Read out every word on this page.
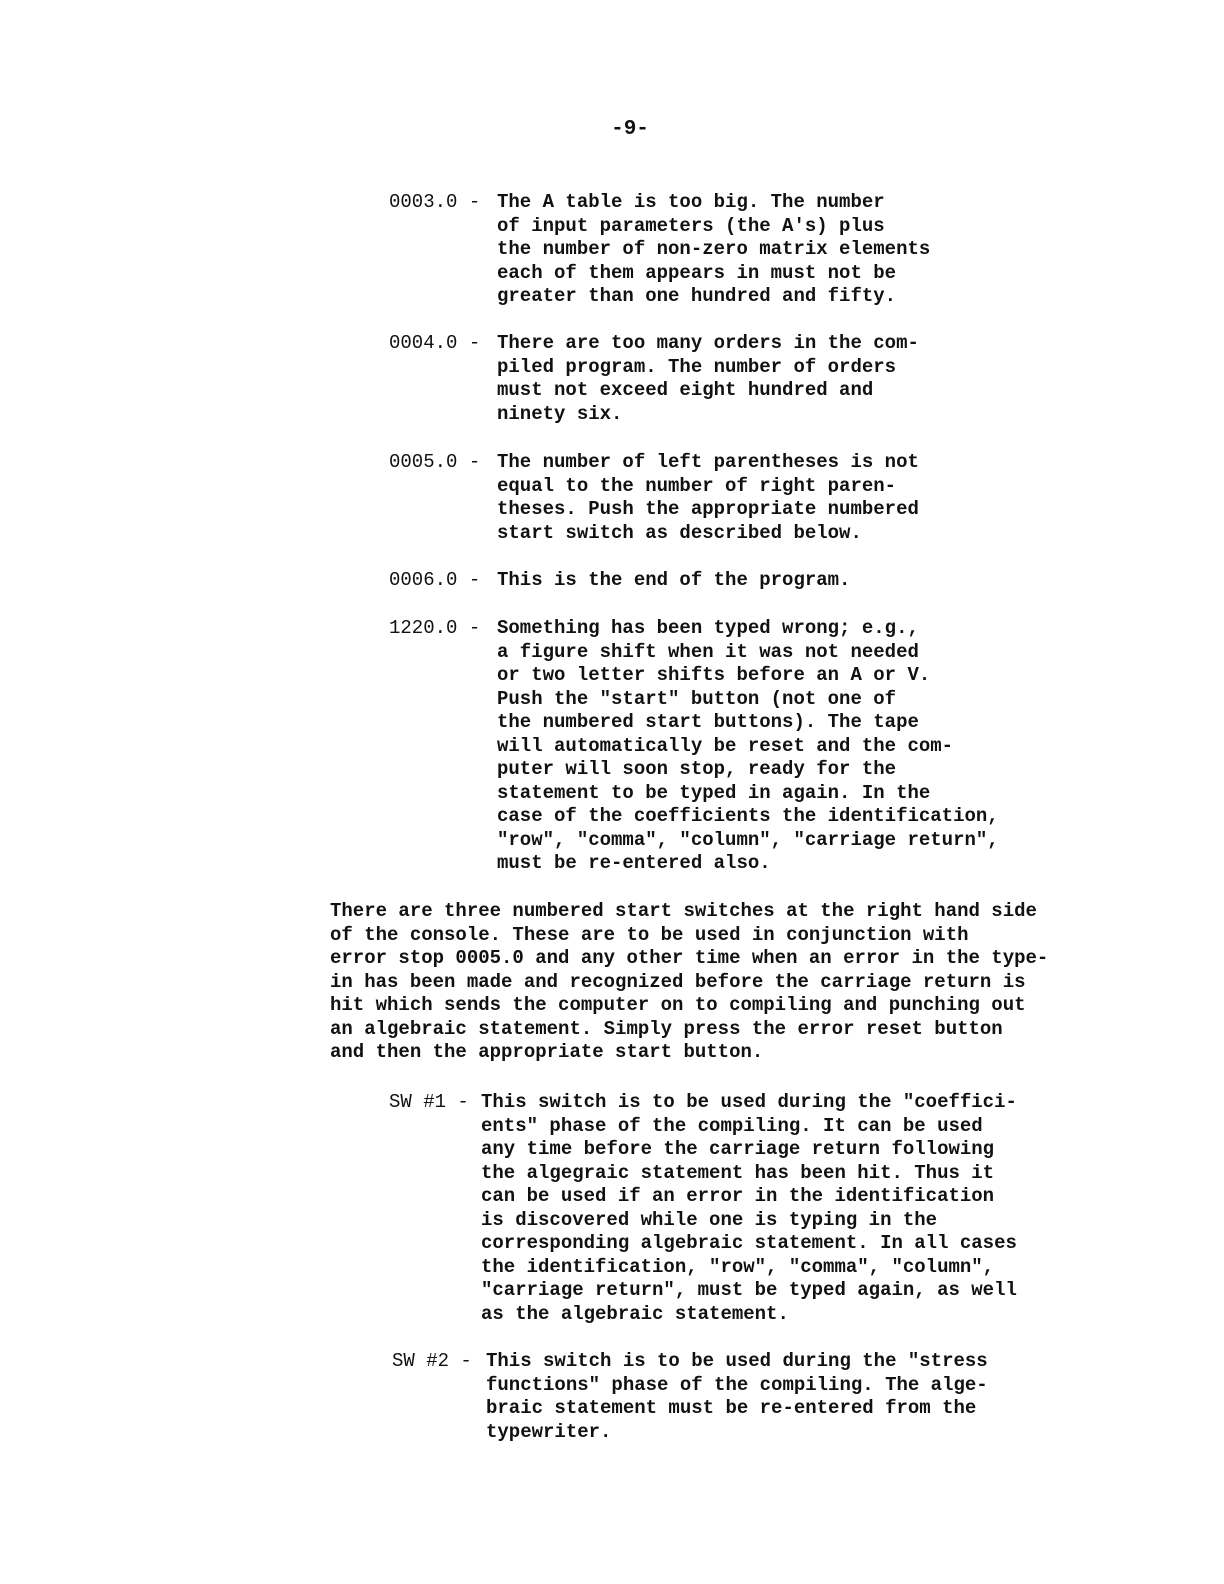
-9-
0003.0 - The A table is too big. The number
of input parameters (the A's) plus
the number of non-zero matrix elements
each of them appears in must not be
greater than one hundred and fifty.
0004.0 - There are too many orders in the com-
piled program. The number of orders
must not exceed eight hundred and
ninety six.
0005.0 - The number of left parentheses is not
equal to the number of right paren-
theses. Push the appropriate numbered
start switch as described below.
0006.0 - This is the end of the program.
1220.0 - Something has been typed wrong; e.g.,
a figure shift when it was not needed
or two letter shifts before an A or V.
Push the "start" button (not one of
the numbered start buttons). The tape
will automatically be reset and the com-
puter will soon stop, ready for the
statement to be typed in again. In the
case of the coefficients the identification,
"row", "comma", "column", "carriage return",
must be re-entered also.
There are three numbered start switches at the right hand side
of the console. These are to be used in conjunction with
error stop 0005.0 and any other time when an error in the type-
in has been made and recognized before the carriage return is
hit which sends the computer on to compiling and punching out
an algebraic statement. Simply press the error reset button
and then the appropriate start button.
SW #1 - This switch is to be used during the "coeffici-
ents" phase of the compiling. It can be used
any time before the carriage return following
the algegraic statement has been hit. Thus it
can be used if an error in the identification
is discovered while one is typing in the
corresponding algebraic statement. In all cases
the identification, "row", "comma", "column",
"carriage return", must be typed again, as well
as the algebraic statement.
SW #2 - This switch is to be used during the "stress
functions" phase of the compiling. The alge-
braic statement must be re-entered from the
typewriter.
